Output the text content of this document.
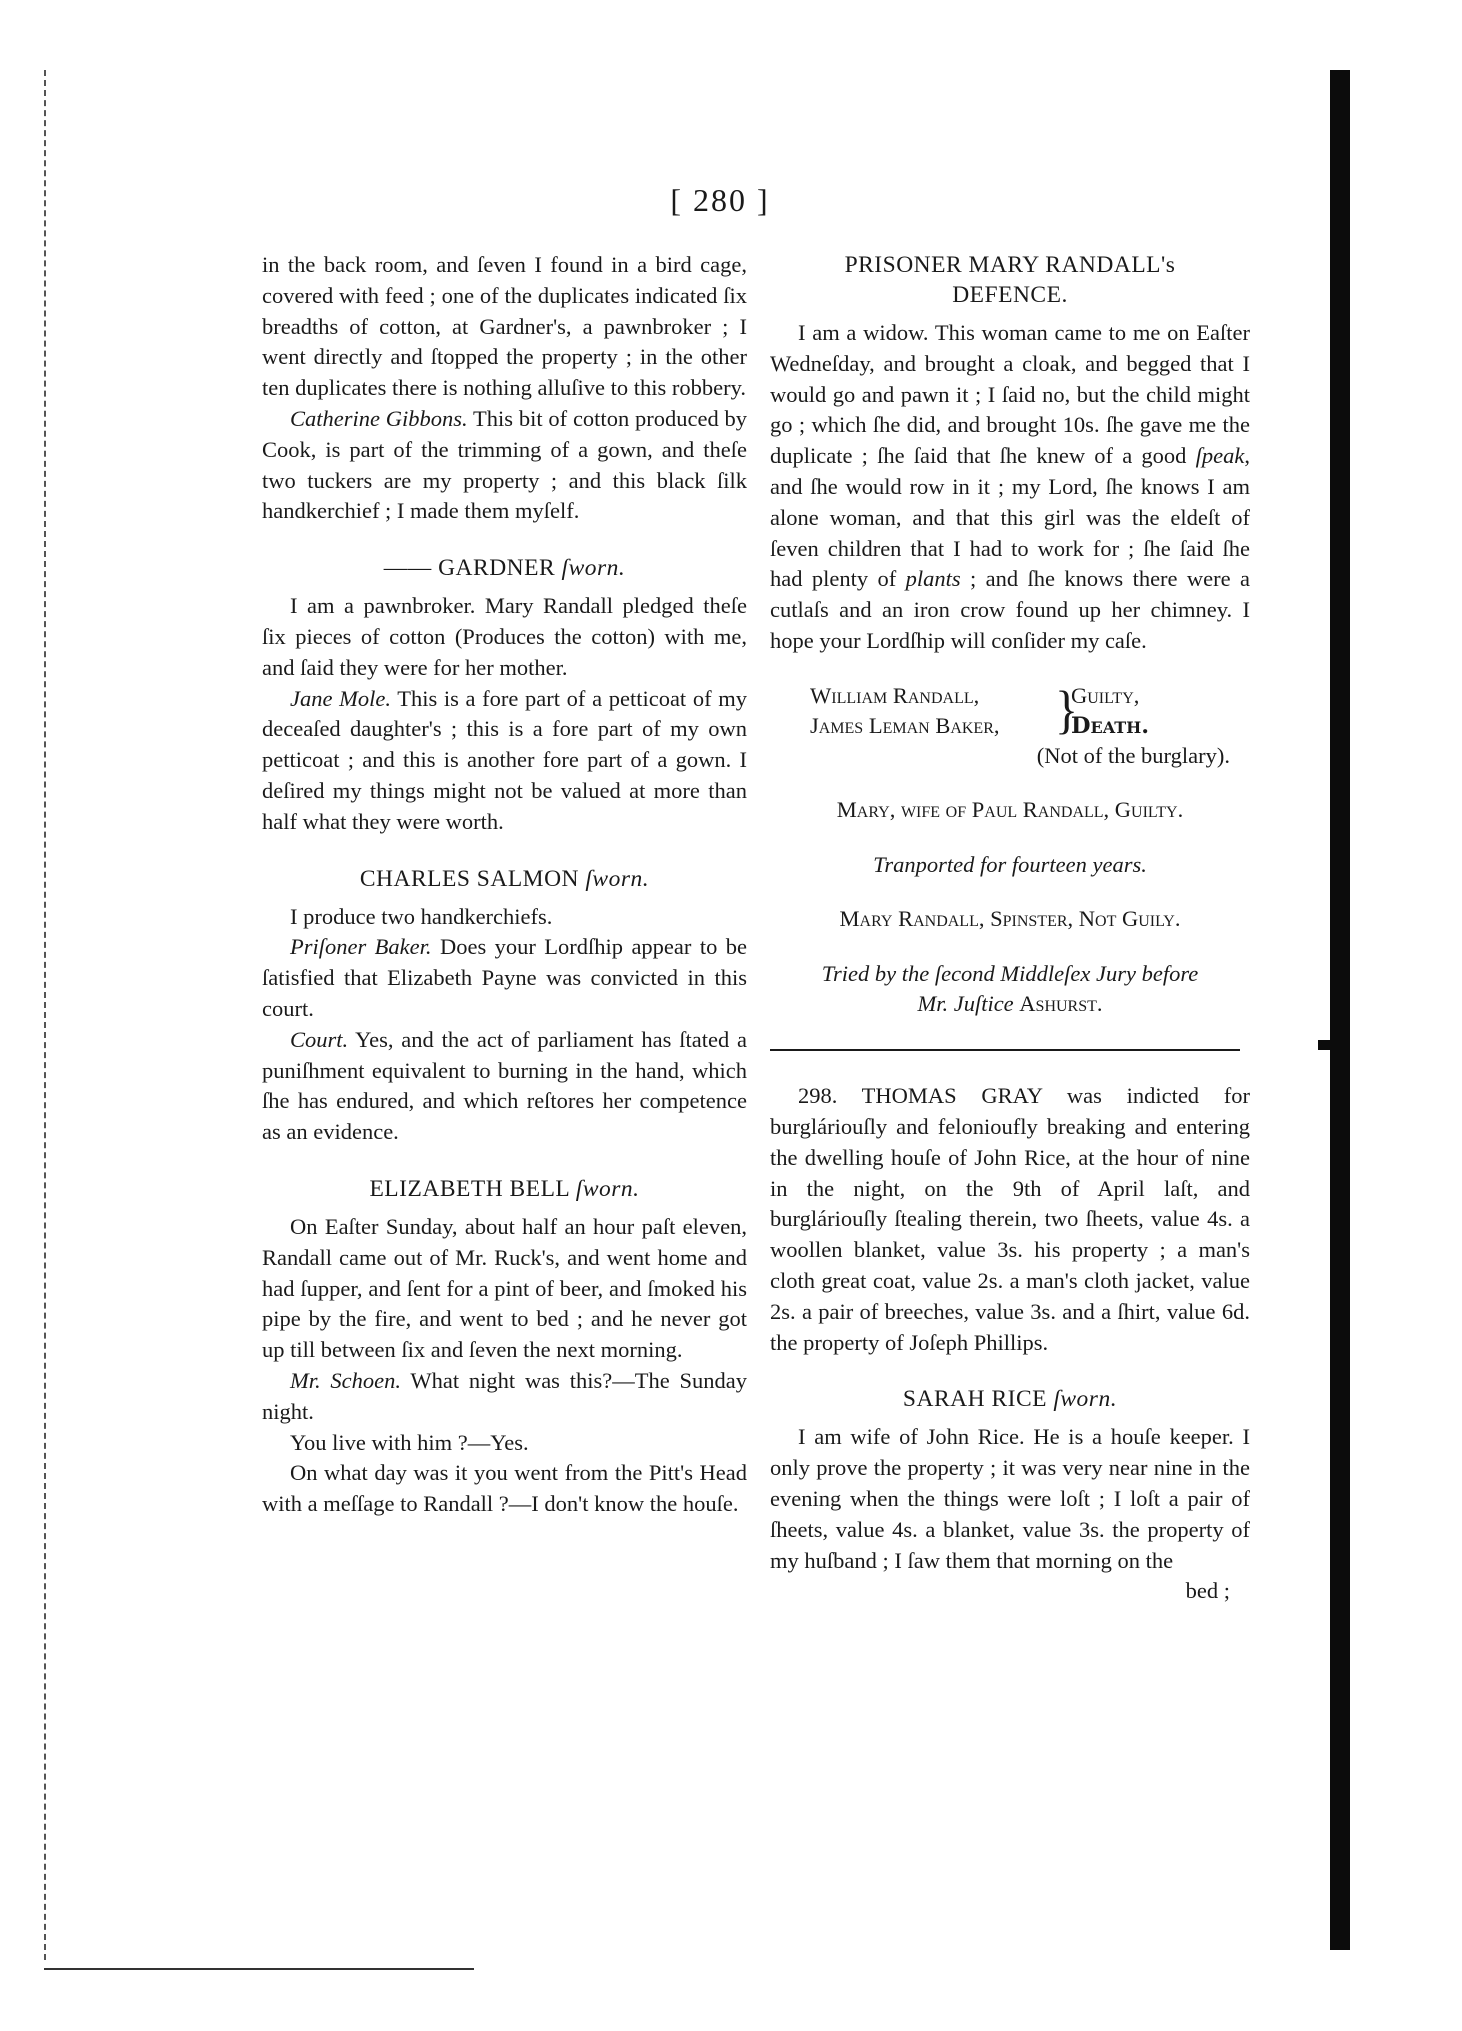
[ 280 ]

in the back room, and ſeven I found in a bird cage, covered with feed ; one of the duplicates indicated ſix breadths of cotton, at Gardner's, a pawnbroker ; I went directly and ſtopped the property ; in the other ten duplicates there is nothing alluſive to this robbery.

Catherine Gibbons. This bit of cotton produced by Cook, is part of the trimming of a gown, and theſe two tuckers are my property ; and this black ſilk handkerchief ; I made them myſelf.

—— GARDNER ſworn.

I am a pawnbroker. Mary Randall pledged theſe ſix pieces of cotton (Produces the cotton) with me, and ſaid they were for her mother.

Jane Mole. This is a fore part of a petticoat of my deceaſed daughter's ; this is a fore part of my own petticoat ; and this is another fore part of a gown. I deſired my things might not be valued at more than half what they were worth.

CHARLES SALMON ſworn.

I produce two handkerchiefs.

Priſoner Baker. Does your Lordſhip appear to be ſatisfied that Elizabeth Payne was convicted in this court.

Court. Yes, and the act of parliament has ſtated a puniſhment equivalent to burning in the hand, which ſhe has endured, and which reſtores her competence as an evidence.

ELIZABETH BELL ſworn.

On Eaſter Sunday, about half an hour paſt eleven, Randall came out of Mr. Ruck's, and went home and had ſupper, and ſent for a pint of beer, and ſmoked his pipe by the fire, and went to bed ; and he never got up till between ſix and ſeven the next morning.

Mr. Schoen. What night was this?—The Sunday night.

You live with him ?—Yes.

On what day was it you went from the Pitt's Head with a meſſage to Randall ?—I don't know the houſe.

PRISONER MARY RANDALL's
DEFENCE.

I am a widow. This woman came to me on Eaſter Wedneſday, and brought a cloak, and begged that I would go and pawn it ; I ſaid no, but the child might go ; which ſhe did, and brought 10s. ſhe gave me the duplicate ; ſhe ſaid that ſhe knew of a good ſpeak, and ſhe would row in it ; my Lord, ſhe knows I am alone woman, and that this girl was the eldeſt of ſeven children that I had to work for ; ſhe ſaid ſhe had plenty of plants ; and ſhe knows there were a cutlaſs and an iron crow found up her chimney. I hope your Lordſhip will conſider my caſe.

William Randall,
James Leman Baker,	}
Guilty,
Death.
(Not of the burglary).
Mary, wife of Paul Randall, Guilty.
Tranported for fourteen years.
Mary Randall, Spinſter, Not Guily.
Tried by the ſecond Middleſex Jury before
Mr. Juſtice Ashurst.

298. THOMAS GRAY was indicted for burgláriouſly and felonioufly breaking and entering the dwelling houſe of John Rice, at the hour of nine in the night, on the 9th of April laſt, and burgláriouſly ſtealing therein, two ſheets, value 4s. a woollen blanket, value 3s. his property ; a man's cloth great coat, value 2s. a man's cloth jacket, value 2s. a pair of breeches, value 3s. and a ſhirt, value 6d. the property of Joſeph Phillips.

SARAH RICE ſworn.

I am wife of John Rice. He is a houſe keeper. I only prove the property ; it was very near nine in the evening when the things were loſt ; I loſt a pair of ſheets, value 4s. a blanket, value 3s. the property of my huſband ; I ſaw them that morning on the

bed ;
